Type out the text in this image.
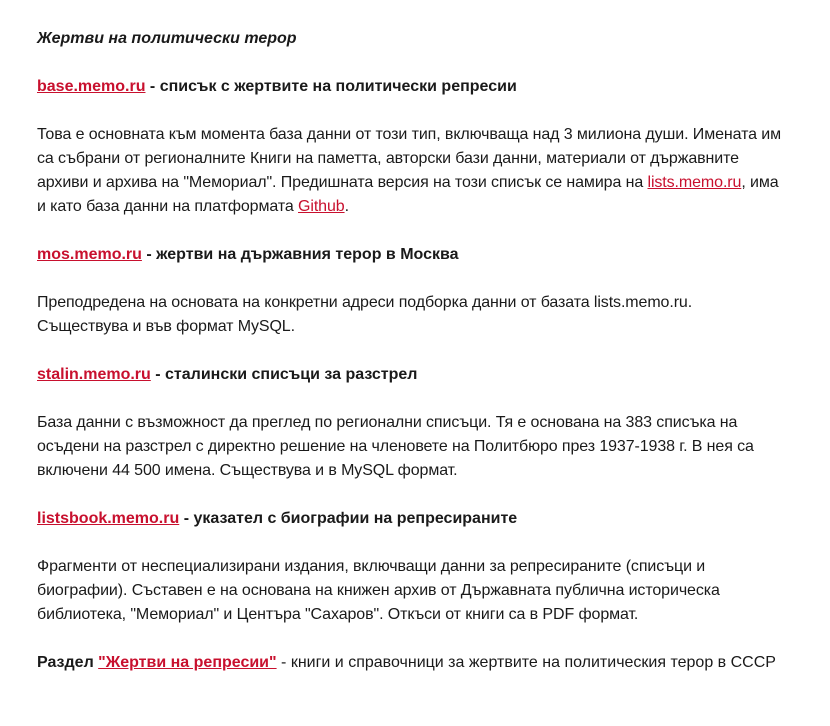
Жертви на политически терор

base.memo.ru - списък с жертвите на политически репресии

Това е основната към момента база данни от този тип, включваща над 3 милиона души. Имената им са събрани от регионалните Книги на паметта, авторски бази данни, материали от държавните архиви и архива на "Мемориал". Предишната версия на този списък се намира на lists.memo.ru, има и като база данни на платформата Github.

mos.memo.ru - жертви на държавния терор в Москва

Преподредена на основата на конкретни адреси подборка данни от базата lists.memo.ru. Съществува и във формат MySQL.

stalin.memo.ru - сталински списъци за разстрел

База данни с възможност да преглед по регионални списъци. Тя е основана на 383 списъка на осъдени на разстрел с директно решение на членовете на Политбюро през 1937-1938 г. В нея са включени 44 500 имена. Съществува и в MySQL формат.

listsbook.memo.ru - указател с биографии на репресираните

Фрагменти от неспециализирани издания, включващи данни за репресираните (списъци и биографии). Съставен е на основана на книжен архив от Държавната публична историческа библиотека, "Мемориал" и Центъра "Сахаров". Откъси от книги са в PDF формат.

Раздел "Жертви на репресии" - книги и справочници за жертвите на политическия терор в СССР
